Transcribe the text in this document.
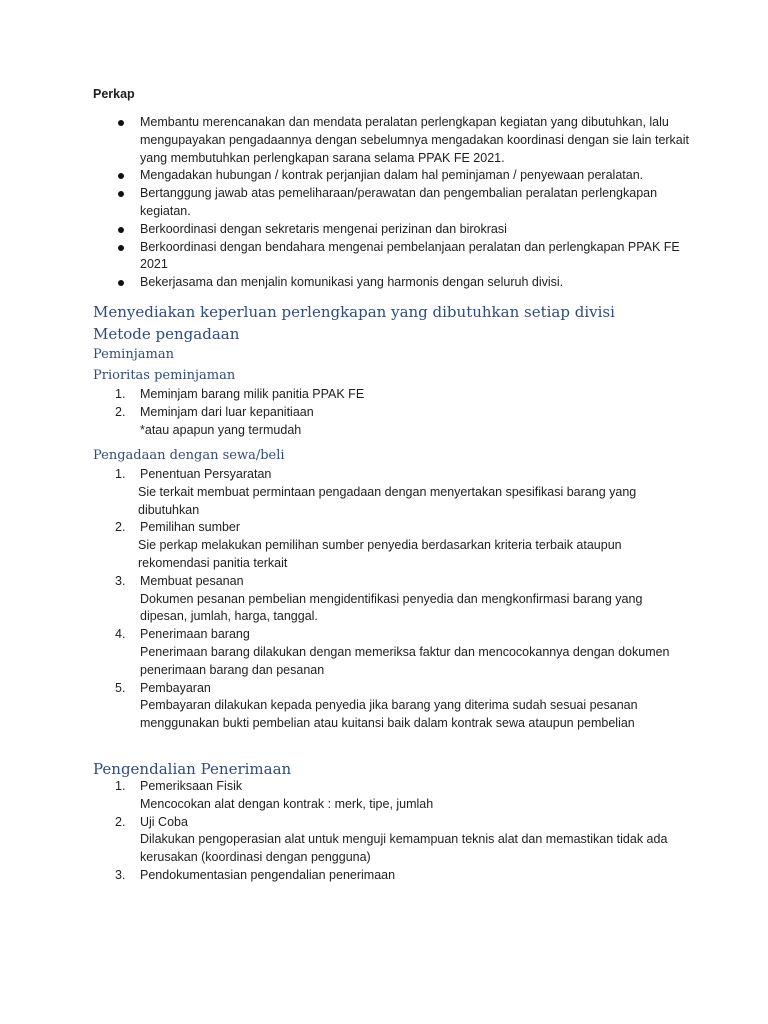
Perkap
Membantu merencanakan dan mendata peralatan perlengkapan kegiatan yang dibutuhkan, lalu mengupayakan pengadaannya dengan sebelumnya mengadakan koordinasi dengan sie lain terkait yang membutuhkan perlengkapan sarana selama PPAK FE 2021.
Mengadakan hubungan / kontrak perjanjian dalam hal peminjaman / penyewaan peralatan.
Bertanggung jawab atas pemeliharaan/perawatan dan pengembalian peralatan perlengkapan kegiatan.
Berkoordinasi dengan sekretaris mengenai perizinan dan birokrasi
Berkoordinasi dengan bendahara mengenai pembelanjaan peralatan dan perlengkapan PPAK FE 2021
Bekerjasama dan menjalin komunikasi yang harmonis dengan seluruh divisi.
Menyediakan keperluan perlengkapan yang dibutuhkan setiap divisi
Metode pengadaan
Peminjaman
Prioritas peminjaman
1. Meminjam barang milik panitia PPAK FE
2. Meminjam dari luar kepanitiaan
*atau apapun yang termudah
Pengadaan dengan sewa/beli
1. Penentuan Persyaratan
Sie terkait membuat permintaan pengadaan dengan menyertakan spesifikasi barang yang dibutuhkan
2. Pemilihan sumber
Sie perkap melakukan pemilihan sumber penyedia berdasarkan kriteria terbaik ataupun rekomendasi panitia terkait
3. Membuat pesanan
Dokumen pesanan pembelian mengidentifikasi penyedia dan mengkonfirmasi barang yang dipesan, jumlah, harga, tanggal.
4. Penerimaan barang
Penerimaan barang dilakukan dengan memeriksa faktur dan mencocokannya dengan dokumen penerimaan barang dan pesanan
5. Pembayaran
Pembayaran dilakukan kepada penyedia jika barang yang diterima sudah sesuai pesanan menggunakan bukti pembelian atau kuitansi baik dalam kontrak sewa ataupun pembelian
Pengendalian Penerimaan
1. Pemeriksaan Fisik
Mencocokan alat dengan kontrak : merk, tipe, jumlah
2. Uji Coba
Dilakukan pengoperasian alat untuk menguji kemampuan teknis alat dan memastikan tidak ada kerusakan (koordinasi dengan pengguna)
3. Pendokumentasian pengendalian penerimaan
